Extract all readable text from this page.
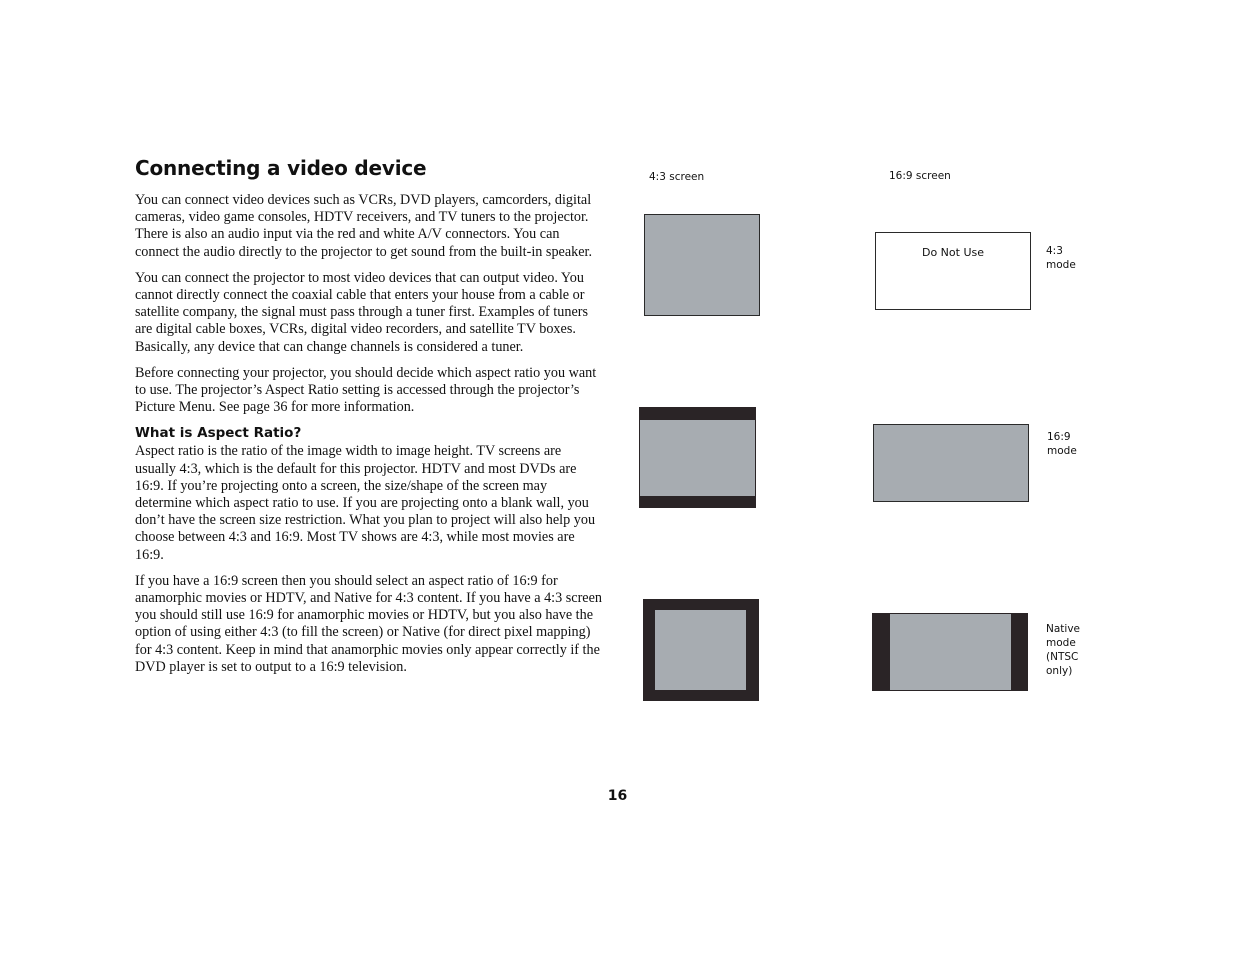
Connecting a video device

You can connect video devices such as VCRs, DVD players, camcorders, digital cameras, video game consoles, HDTV receivers, and TV tuners to the projector. There is also an audio input via the red and white A/V connectors. You can connect the audio directly to the projector to get sound from the built-in speaker.

You can connect the projector to most video devices that can output video. You cannot directly connect the coaxial cable that enters your house from a cable or satellite company, the signal must pass through a tuner first. Examples of tuners are digital cable boxes, VCRs, digital video recorders, and satellite TV boxes. Basically, any device that can change channels is considered a tuner.

Before connecting your projector, you should decide which aspect ratio you want to use. The projector’s Aspect Ratio setting is accessed through the projector’s Picture Menu. See page 36 for more information.

What is Aspect Ratio?

Aspect ratio is the ratio of the image width to image height. TV screens are usually 4:3, which is the default for this projector. HDTV and most DVDs are 16:9. If you’re projecting onto a screen, the size/shape of the screen may determine which aspect ratio to use. If you are projecting onto a blank wall, you don’t have the screen size restriction. What you plan to project will also help you choose between 4:3 and 16:9. Most TV shows are 4:3, while most movies are 16:9.

If you have a 16:9 screen then you should select an aspect ratio of 16:9 for anamorphic movies or HDTV, and Native for 4:3 content. If you have a 4:3 screen you should still use 16:9 for anamorphic movies or HDTV, but you also have the option of using either 4:3 (to fill the screen) or Native (for direct pixel mapping) for 4:3 content. Keep in mind that anamorphic movies only appear correctly if the DVD player is set to output to a 16:9 television.

4:3 screen	16:9 screen
Do Not Use	4:3
mode
16:9
mode
Native
mode
(NTSC
only)
16
